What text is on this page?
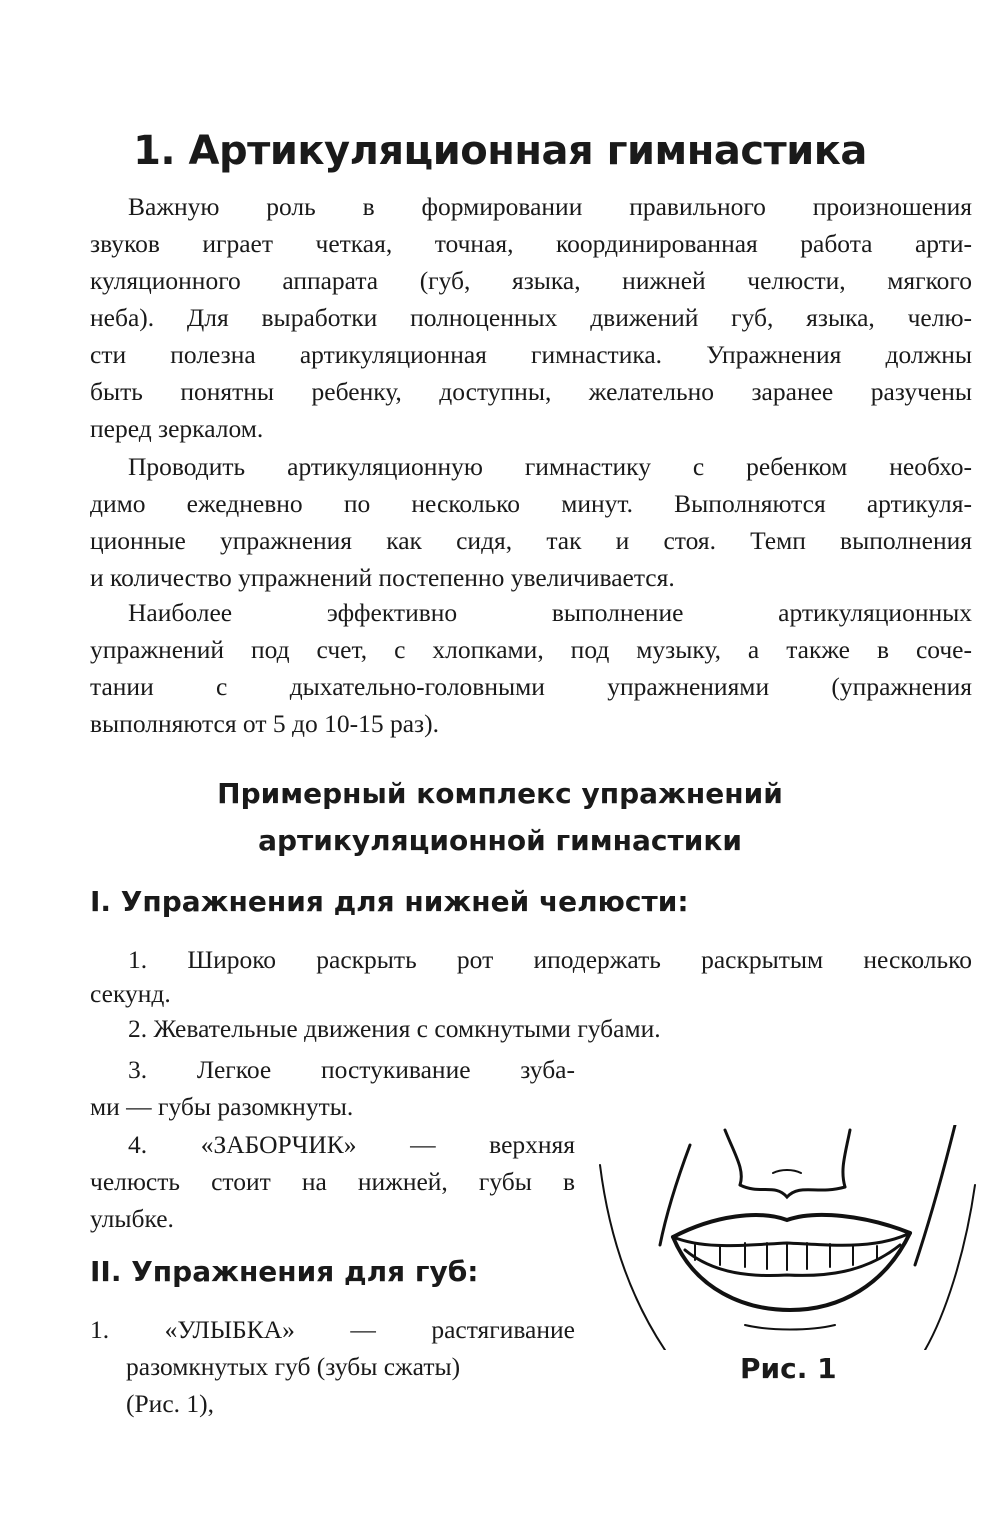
1. Артикуляционная гимнастика
Важную роль в формировании правильного произношения
звуков играет четкая, точная, координированная работа арти-
куляционного аппарата (губ, языка, нижней челюсти, мягкого
неба). Для выработки полноценных движений губ, языка, челю-
сти полезна артикуляционная гимнастика. Упражнения должны
быть понятны ребенку, доступны, желательно заранее разучены
перед зеркалом.
Проводить артикуляционную гимнастику с ребенком необхо-
димо ежедневно по несколько минут. Выполняются артикуля-
ционные упражнения как сидя, так и стоя. Темп выполнения
и количество упражнений постепенно увеличивается.
Наиболее эффективно выполнение артикуляционных
упражнений под счет, с хлопками, под музыку, а также в соче-
тании с дыхательно-головными упражнениями (упражнения
выполняются от 5 до 10-15 раз).
Примерный комплекс упражнений
артикуляционной гимнастики
I. Упражнения для нижней челюсти:
1. Широко раскрыть рот иподержать раскрытым несколько
секунд.
2. Жевательные движения с сомкнутыми губами.
3. Легкое постукивание зуба-
ми — губы разомкнуты.
4. «ЗАБОРЧИК» — верхняя
челюсть стоит на нижней, губы в
улыбке.
II. Упражнения для губ:
1. «УЛЫБКА» — растягивание
разомкнутых губ (зубы сжаты)
(Рис. 1),
Рис. 1
